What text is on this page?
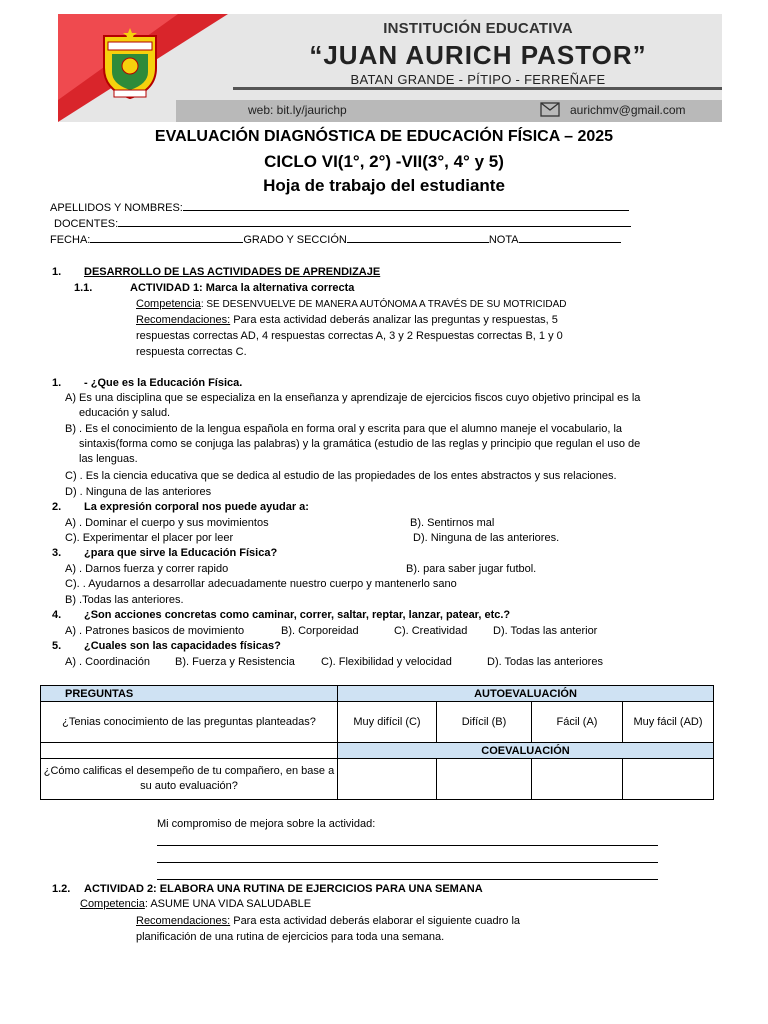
INSTITUCIÓN EDUCATIVA
“JUAN AURICH PASTOR”
BATAN GRANDE - PÍTIPO - FERREÑAFE
web: bit.ly/jaurichp	aurichmv@gmail.com
EVALUACIÓN DIAGNÓSTICA DE EDUCACIÓN FÍSICA – 2025
CICLO VI(1°, 2°) -VII(3°, 4° y 5)
Hoja de trabajo del estudiante
APELLIDOS Y NOMBRES:
DOCENTES:
FECHA:	GRADO Y SECCIÓN	NOTA
1. DESARROLLO DE LAS ACTIVIDADES DE APRENDIZAJE
1.1.	ACTIVIDAD 1: Marca la alternativa correcta
Competencia: SE DESENVUELVE DE MANERA AUTÓNOMA A TRAVÉS DE SU MOTRICIDAD
Recomendaciones: Para esta actividad deberás analizar las preguntas y respuestas, 5
respuestas correctas AD, 4 respuestas correctas A, 3 y 2 Respuestas correctas B, 1 y 0
respuesta correctas C.
1. - ¿Que es la Educación Física.
A) Es una disciplina que se especializa en la enseñanza y aprendizaje de ejercicios fiscos cuyo objetivo principal es la
educación y salud.
B) . Es el conocimiento de la lengua española en forma oral y escrita para que el alumno maneje el vocabulario, la
sintaxis(forma como se conjuga las palabras) y la gramática (estudio de las reglas y principio que regulan el uso de
las lenguas.
C) . Es la ciencia educativa que se dedica al estudio de las propiedades de los entes abstractos y sus relaciones.
D) . Ninguna de las anteriores
2. La expresión corporal nos puede ayudar a:
A) . Dominar el cuerpo y sus movimientos	B). Sentirnos mal
C). Experimentar el placer por leer	D). Ninguna de las anteriores.
3. ¿para que sirve la Educación Física?
A) . Darnos fuerza y correr rapido	B). para saber jugar futbol.
C). . Ayudarnos a desarrollar adecuadamente nuestro cuerpo y mantenerlo sano
B) .Todas las anteriores.
4. ¿Son acciones concretas como caminar, correr, saltar, reptar, lanzar, patear, etc.?
A) . Patrones basicos de movimiento	B). Corporeidad	C). Creatividad D). Todas las anterior
5. ¿Cuales son las capacidades físicas?
A) . Coordinación B). Fuerza y Resistencia C). Flexibilidad y velocidad	D). Todas las anteriores
PREGUNTAS	AUTOEVALUACIÓN			
¿Tenias conocimiento de las preguntas planteadas?	Muy difícil (C)	Difícil (B)	Fácil (A)	Muy fácil (AD)
	COEVALUACIÓN			
¿Cómo calificas el desempeño de tu compañero, en base a su auto evaluación?				
Mi compromiso de mejora sobre la actividad:
1.2. ACTIVIDAD 2: ELABORA UNA RUTINA DE EJERCICIOS PARA UNA SEMANA
Competencia: ASUME UNA VIDA SALUDABLE
Recomendaciones: Para esta actividad deberás elaborar el siguiente cuadro la
planificación de una rutina de ejercicios para toda una semana.
